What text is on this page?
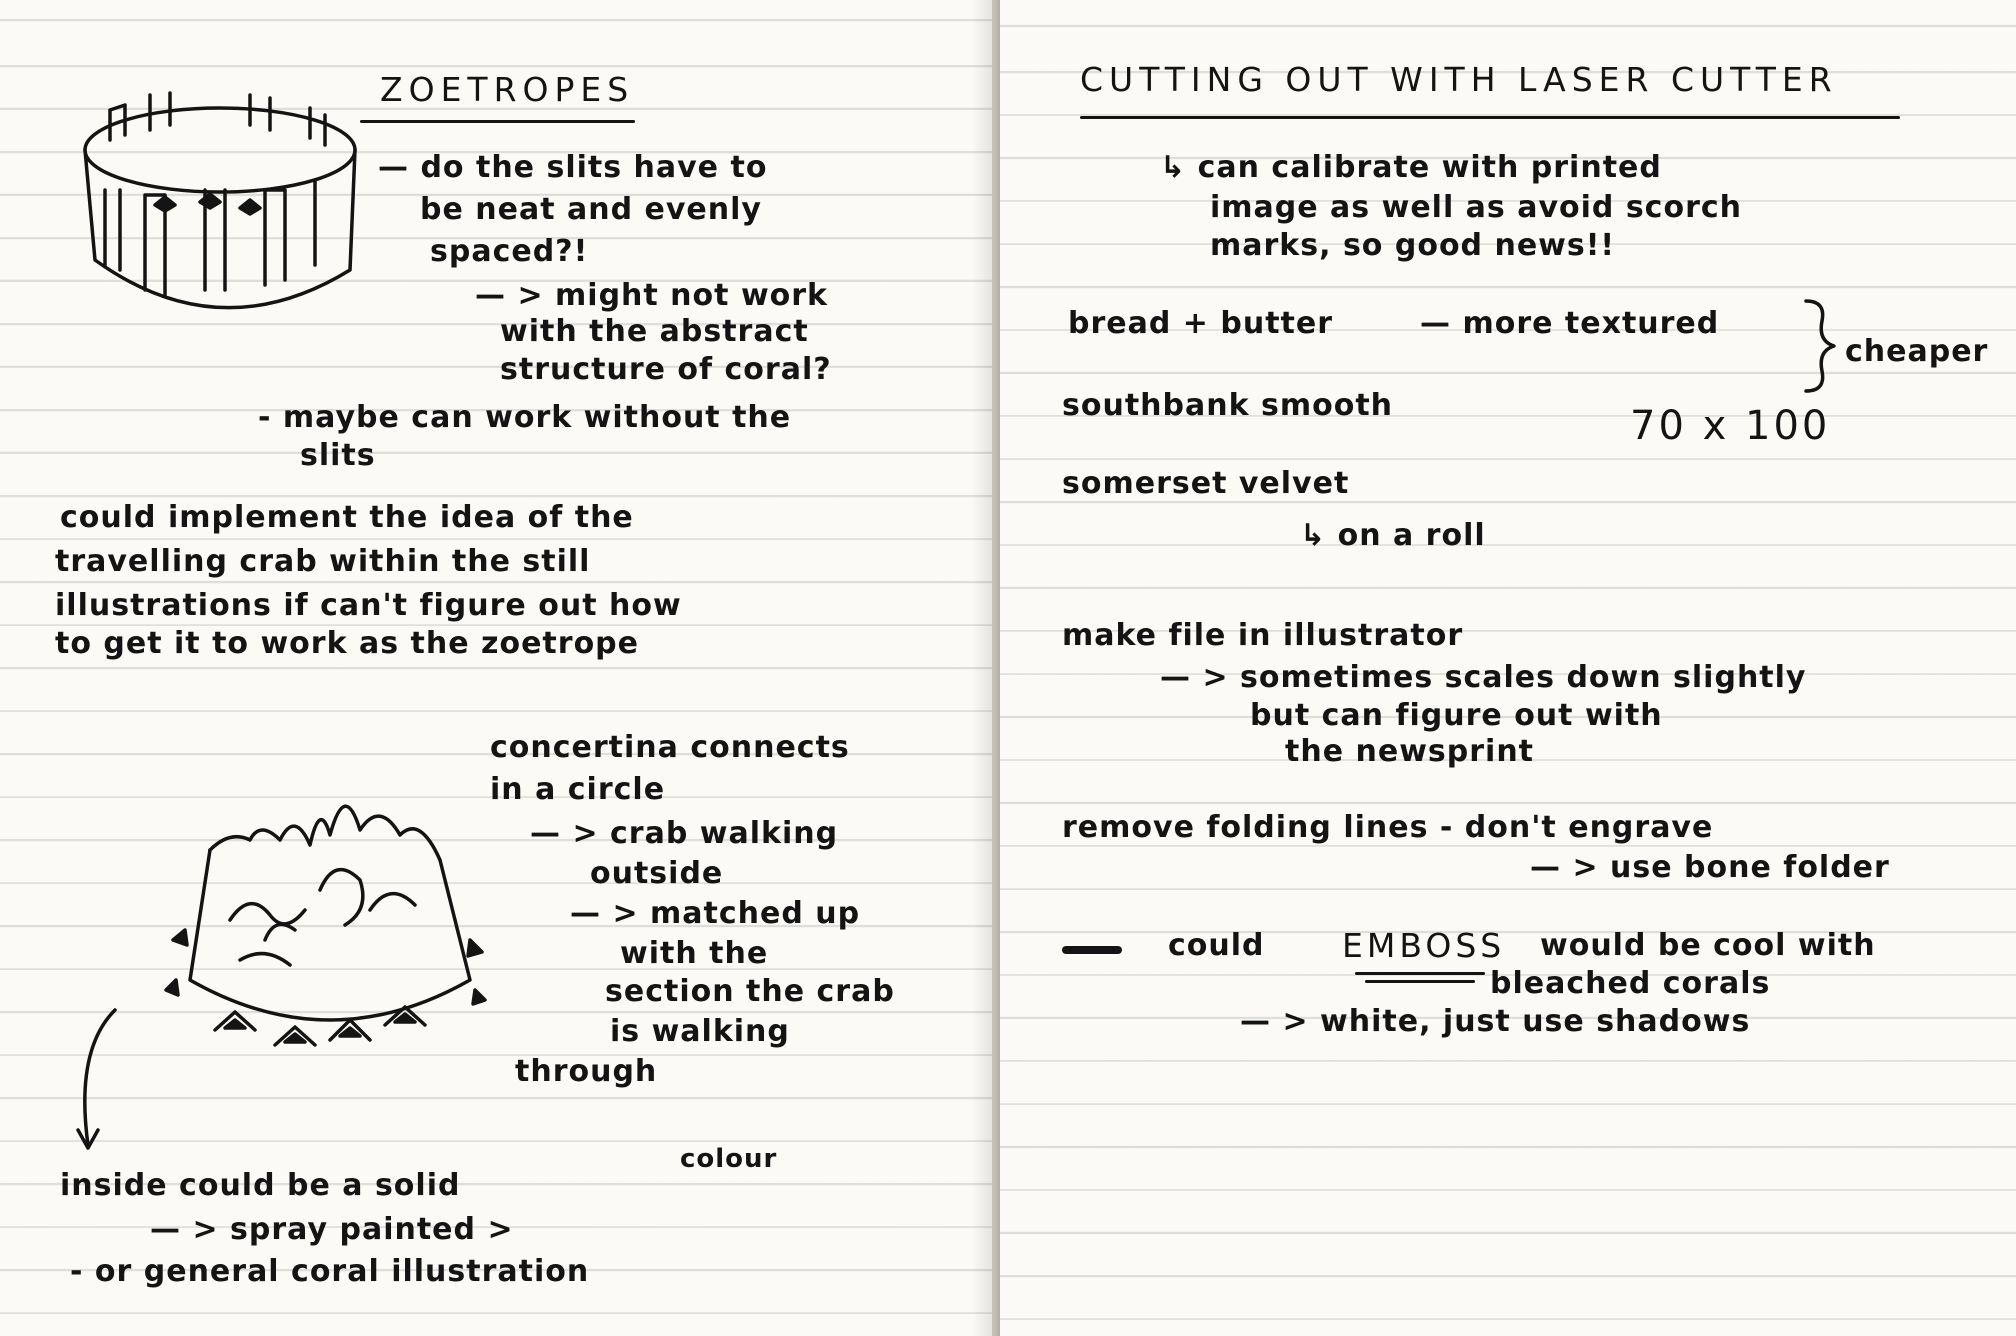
ZOETROPES

— do the slits have to

be neat and evenly

spaced?!

— > might not work

with the abstract

structure of coral?

- maybe can work without the

slits

could implement the idea of the

travelling crab within the still

illustrations if can't figure out how

to get it to work as the zoetrope

concertina connects

in a circle

— > crab walking

outside

— > matched up

with the

section the crab

is walking

through

colour

inside could be a solid

— > spray painted >

- or general coral illustration

CUTTING OUT WITH LASER CUTTER

↳ can calibrate with printed

image as well as avoid scorch

marks, so good news!!

bread + butter	— more textured

cheaper

southbank smooth	70 x 100

somerset velvet

↳ on a roll

make file in illustrator

— > sometimes scales down slightly

but can figure out with

the newsprint

remove folding lines - don't engrave

— > use bone folder

could EMBOSS would be cool with

bleached corals

— > white, just use shadows
